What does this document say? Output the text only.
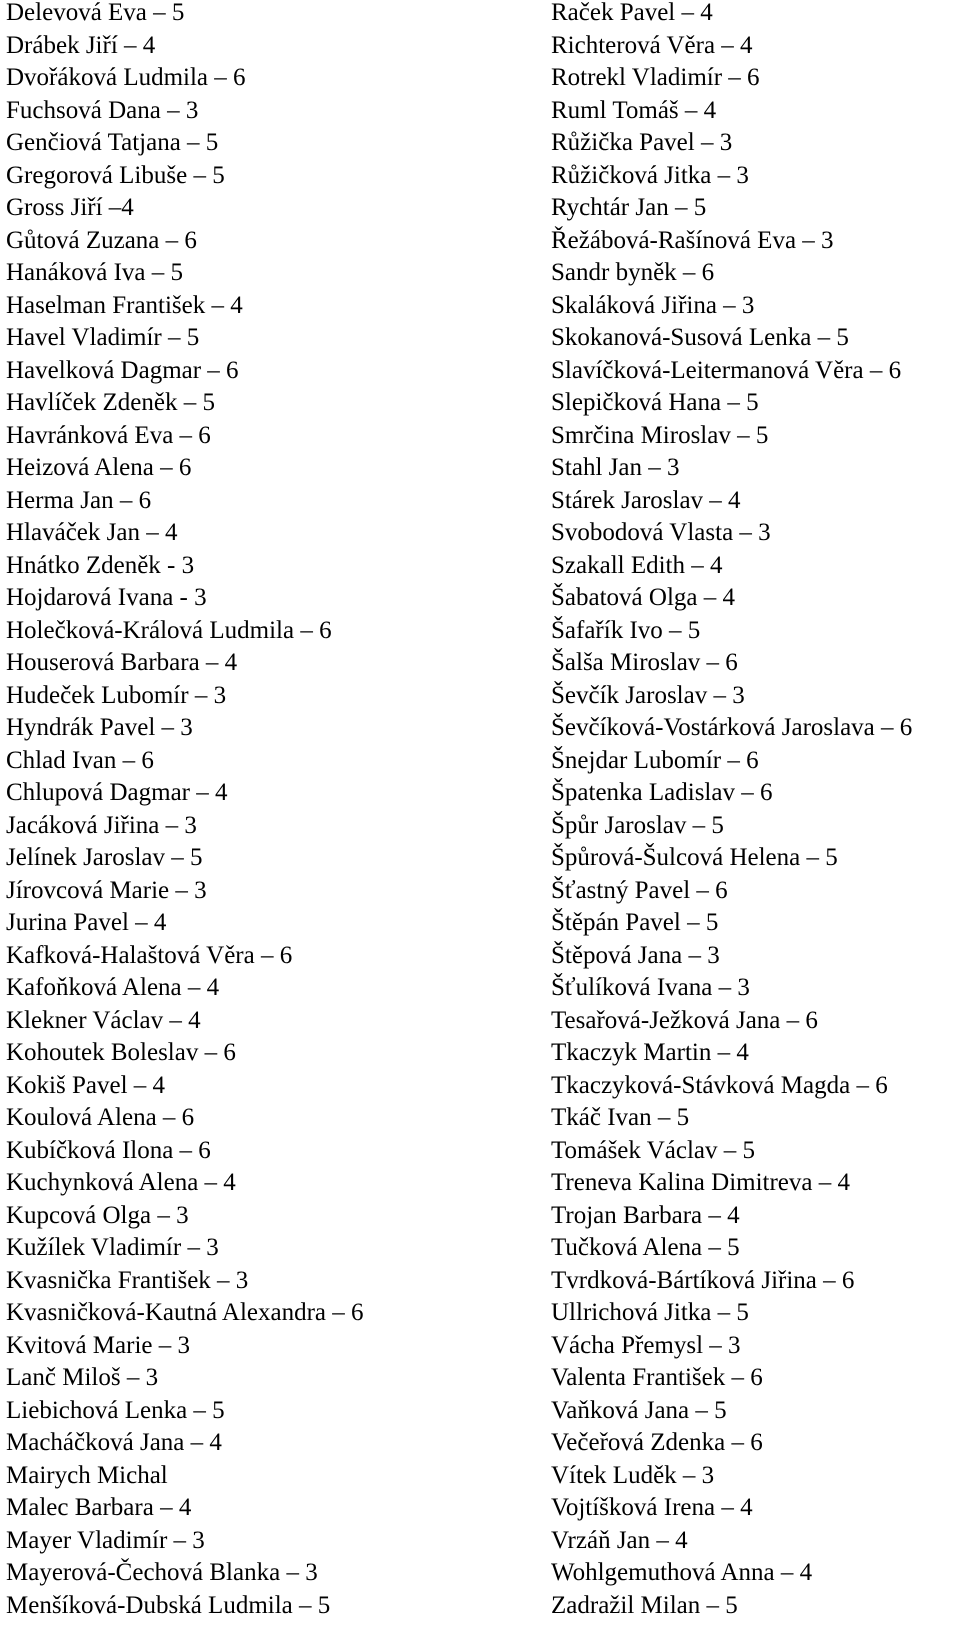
Delevová Eva – 5
Drábek Jiří – 4
Dvořáková Ludmila – 6
Fuchsová Dana – 3
Genčiová Tatjana – 5
Gregorová Libuše – 5
Gross Jiří –4
Gůtová Zuzana – 6
Hanáková Iva – 5
Haselman František – 4
Havel Vladimír – 5
Havelková Dagmar – 6
Havlíček Zdeněk – 5
Havránková Eva – 6
Heizová Alena – 6
Herma Jan – 6
Hlaváček Jan – 4
Hnátko Zdeněk - 3
Hojdarová Ivana - 3
Holečková-Králová Ludmila – 6
Houserová Barbara – 4
Hudeček Lubomír – 3
Hyndrák Pavel – 3
Chlad Ivan – 6
Chlupová Dagmar – 4
Jacáková Jiřina – 3
Jelínek Jaroslav – 5
Jírovcová Marie – 3
Jurina Pavel – 4
Kafková-Halaštová Věra – 6
Kafoňková Alena – 4
Klekner Václav – 4
Kohoutek Boleslav – 6
Kokiš Pavel – 4
Koulová Alena – 6
Kubíčková Ilona – 6
Kuchynková Alena – 4
Kupcová Olga – 3
Kužílek Vladimír – 3
Kvasnička František – 3
Kvasničková-Kautná Alexandra – 6
Kvitová Marie – 3
Lanč Miloš – 3
Liebichová Lenka – 5
Macháčková Jana – 4
Mairych Michal
Malec Barbara – 4
Mayer Vladimír – 3
Mayerová-Čechová Blanka – 3
Menšíková-Dubská Ludmila – 5
Raček Pavel – 4
Richterová Věra – 4
Rotrekl Vladimír – 6
Ruml Tomáš – 4
Růžička Pavel – 3
Růžičková Jitka – 3
Rychtár Jan – 5
Řežábová-Rašínová Eva – 3
Sandr byněk – 6
Skaláková Jiřina – 3
Skokanová-Susová Lenka – 5
Slavíčková-Leitermanová Věra – 6
Slepičková Hana – 5
Smrčina Miroslav – 5
Stahl Jan – 3
Stárek Jaroslav – 4
Svobodová Vlasta – 3
Szakall Edith – 4
Šabatová Olga – 4
Šafařík Ivo – 5
Šalša Miroslav – 6
Ševčík Jaroslav – 3
Ševčíková-Vostárková Jaroslava – 6
Šnejdar Lubomír – 6
Špatenka Ladislav – 6
Špůr Jaroslav – 5
Špůrová-Šulcová Helena – 5
Šťastný Pavel – 6
Štěpán Pavel – 5
Štěpová Jana – 3
Šťulíková Ivana – 3
Tesařová-Ježková Jana – 6
Tkaczyk Martin – 4
Tkaczyková-Stávková Magda – 6
Tkáč Ivan – 5
Tomášek Václav – 5
Treneva Kalina Dimitreva – 4
Trojan Barbara – 4
Tučková Alena – 5
Tvrdková-Bártíková Jiřina – 6
Ullrichová Jitka – 5
Vácha Přemysl – 3
Valenta František – 6
Vaňková Jana – 5
Večeřová Zdenka – 6
Vítek Luděk – 3
Vojtíšková Irena – 4
Vrzáň Jan – 4
Wohlgemuthová Anna – 4
Zadražil Milan – 5
